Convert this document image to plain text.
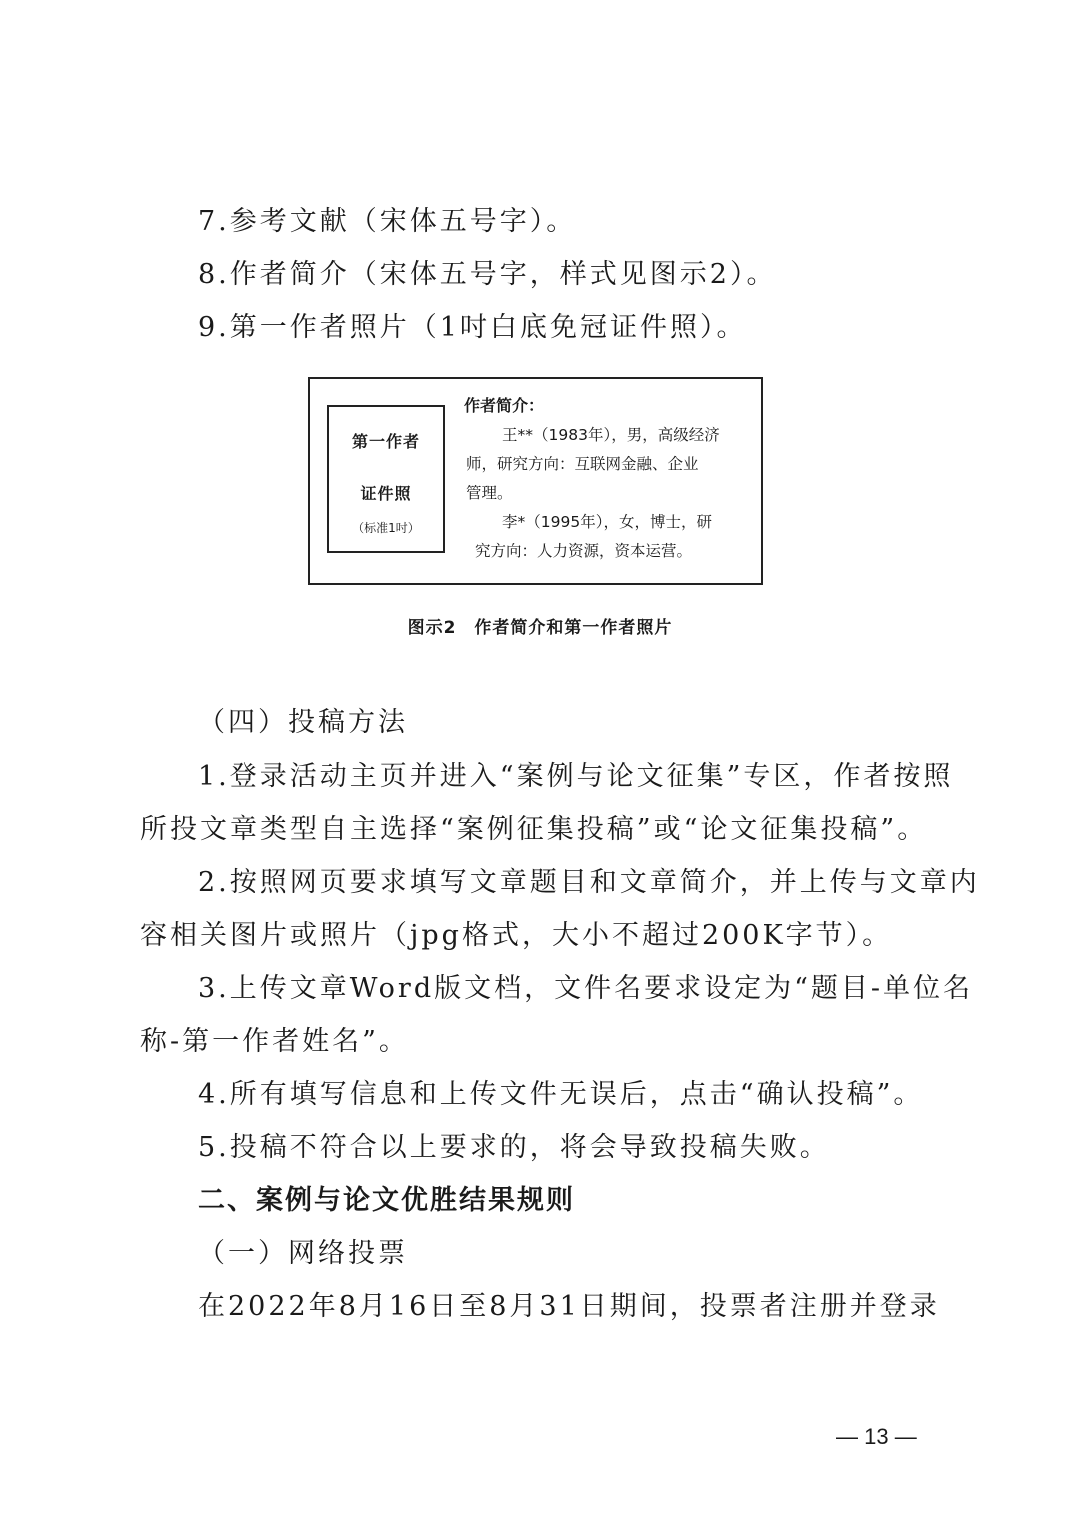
7.参考文献（宋体五号字）。
8.作者简介（宋体五号字，样式见图示2）。
9.第一作者照片（1吋白底免冠证件照）。
第一作者
证件照
（标准1吋）
作者简介：
王**（1983年），男，高级经济
师，研究方向：互联网金融、企业
管理。
李*（1995年），女，博士，研
究方向：人力资源，资本运营。
图示2　作者简介和第一作者照片
（四）投稿方法
1.登录活动主页并进入“案例与论文征集”专区，作者按照
所投文章类型自主选择“案例征集投稿”或“论文征集投稿”。
2.按照网页要求填写文章题目和文章简介，并上传与文章内
容相关图片或照片（jpg格式，大小不超过200K字节）。
3.上传文章Word版文档，文件名要求设定为“题目-单位名
称-第一作者姓名”。
4.所有填写信息和上传文件无误后，点击“确认投稿”。
5.投稿不符合以上要求的，将会导致投稿失败。
二、案例与论文优胜结果规则
（一）网络投票
在2022年8月16日至8月31日期间，投票者注册并登录
— 13 —
